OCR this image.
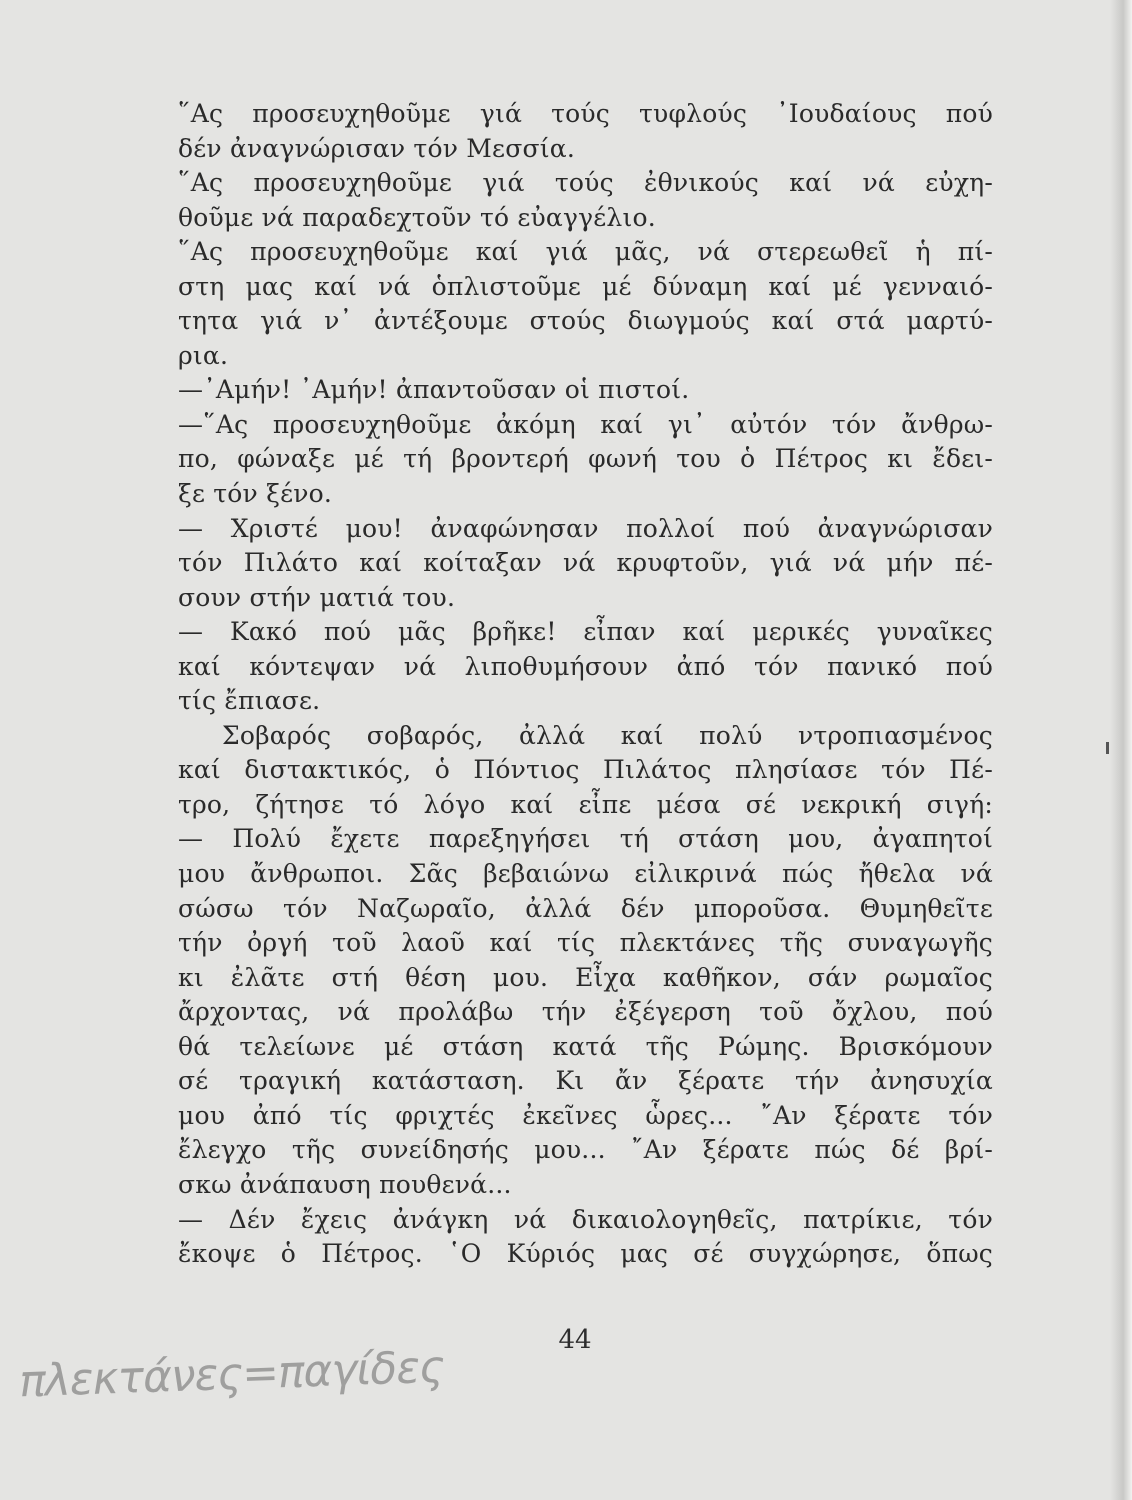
῞Ας προσευχηθοῦμε γιά τούς τυφλούς ᾿Ιουδαίους πού
δέν ἀναγνώρισαν τόν Μεσσία.
῞Ας προσευχηθοῦμε γιά τούς ἐθνικούς καί νά εὐχη-
θοῦμε νά παραδεχτοῦν τό εὐαγγέλιο.
῞Ας προσευχηθοῦμε καί γιά μᾶς, νά στερεωθεῖ ἡ πί-
στη μας καί νά ὁπλιστοῦμε μέ δύναμη καί μέ γενναιό-
τητα γιά ν᾿ ἀντέξουμε στούς διωγμούς καί στά μαρτύ-
ρια.
—᾿Αμήν! ᾿Αμήν! ἀπαντοῦσαν οἱ πιστοί.
—῞Ας προσευχηθοῦμε ἀκόμη καί γι᾿ αὐτόν τόν ἄνθρω-
πο, φώναξε μέ τή βροντερή φωνή του ὁ Πέτρος κι ἔδει-
ξε τόν ξένο.
— Χριστέ μου! ἀναφώνησαν πολλοί πού ἀναγνώρισαν
τόν Πιλάτο καί κοίταξαν νά κρυφτοῦν, γιά νά μήν πέ-
σουν στήν ματιά του.
— Κακό πού μᾶς βρῆκε! εἶπαν καί μερικές γυναῖκες
καί κόντεψαν νά λιποθυμήσουν ἀπό τόν πανικό πού
τίς ἔπιασε.
Σοβαρός σοβαρός, ἀλλά καί πολύ ντροπιασμένος
καί διστακτικός, ὁ Πόντιος Πιλάτος πλησίασε τόν Πέ-
τρο, ζήτησε τό λόγο καί εἶπε μέσα σέ νεκρική σιγή:
— Πολύ ἔχετε παρεξηγήσει τή στάση μου, ἀγαπητοί
μου ἄνθρωποι. Σᾶς βεβαιώνω εἰλικρινά πώς ἤθελα νά
σώσω τόν Ναζωραῖο, ἀλλά δέν μποροῦσα. Θυμηθεῖτε
τήν ὀργή τοῦ λαοῦ καί τίς πλεκτάνες τῆς συναγωγῆς
κι ἐλᾶτε στή θέση μου. Εἶχα καθῆκον, σάν ρωμαῖος
ἄρχοντας, νά προλάβω τήν ἐξέγερση τοῦ ὄχλου, πού
θά τελείωνε μέ στάση κατά τῆς Ρώμης. Βρισκόμουν
σέ τραγική κατάσταση. Κι ἄν ξέρατε τήν ἀνησυχία
μου ἀπό τίς φριχτές ἐκεῖνες ὧρες... ῎Αν ξέρατε τόν
ἔλεγχο τῆς συνείδησής μου... ῎Αν ξέρατε πώς δέ βρί-
σκω ἀνάπαυση πουθενά...
— Δέν ἔχεις ἀνάγκη νά δικαιολογηθεῖς, πατρίκιε, τόν
ἔκοψε ὁ Πέτρος. ῾Ο Κύριός μας σέ συγχώρησε, ὅπως
44
πλεκτάνες=παγίδες
